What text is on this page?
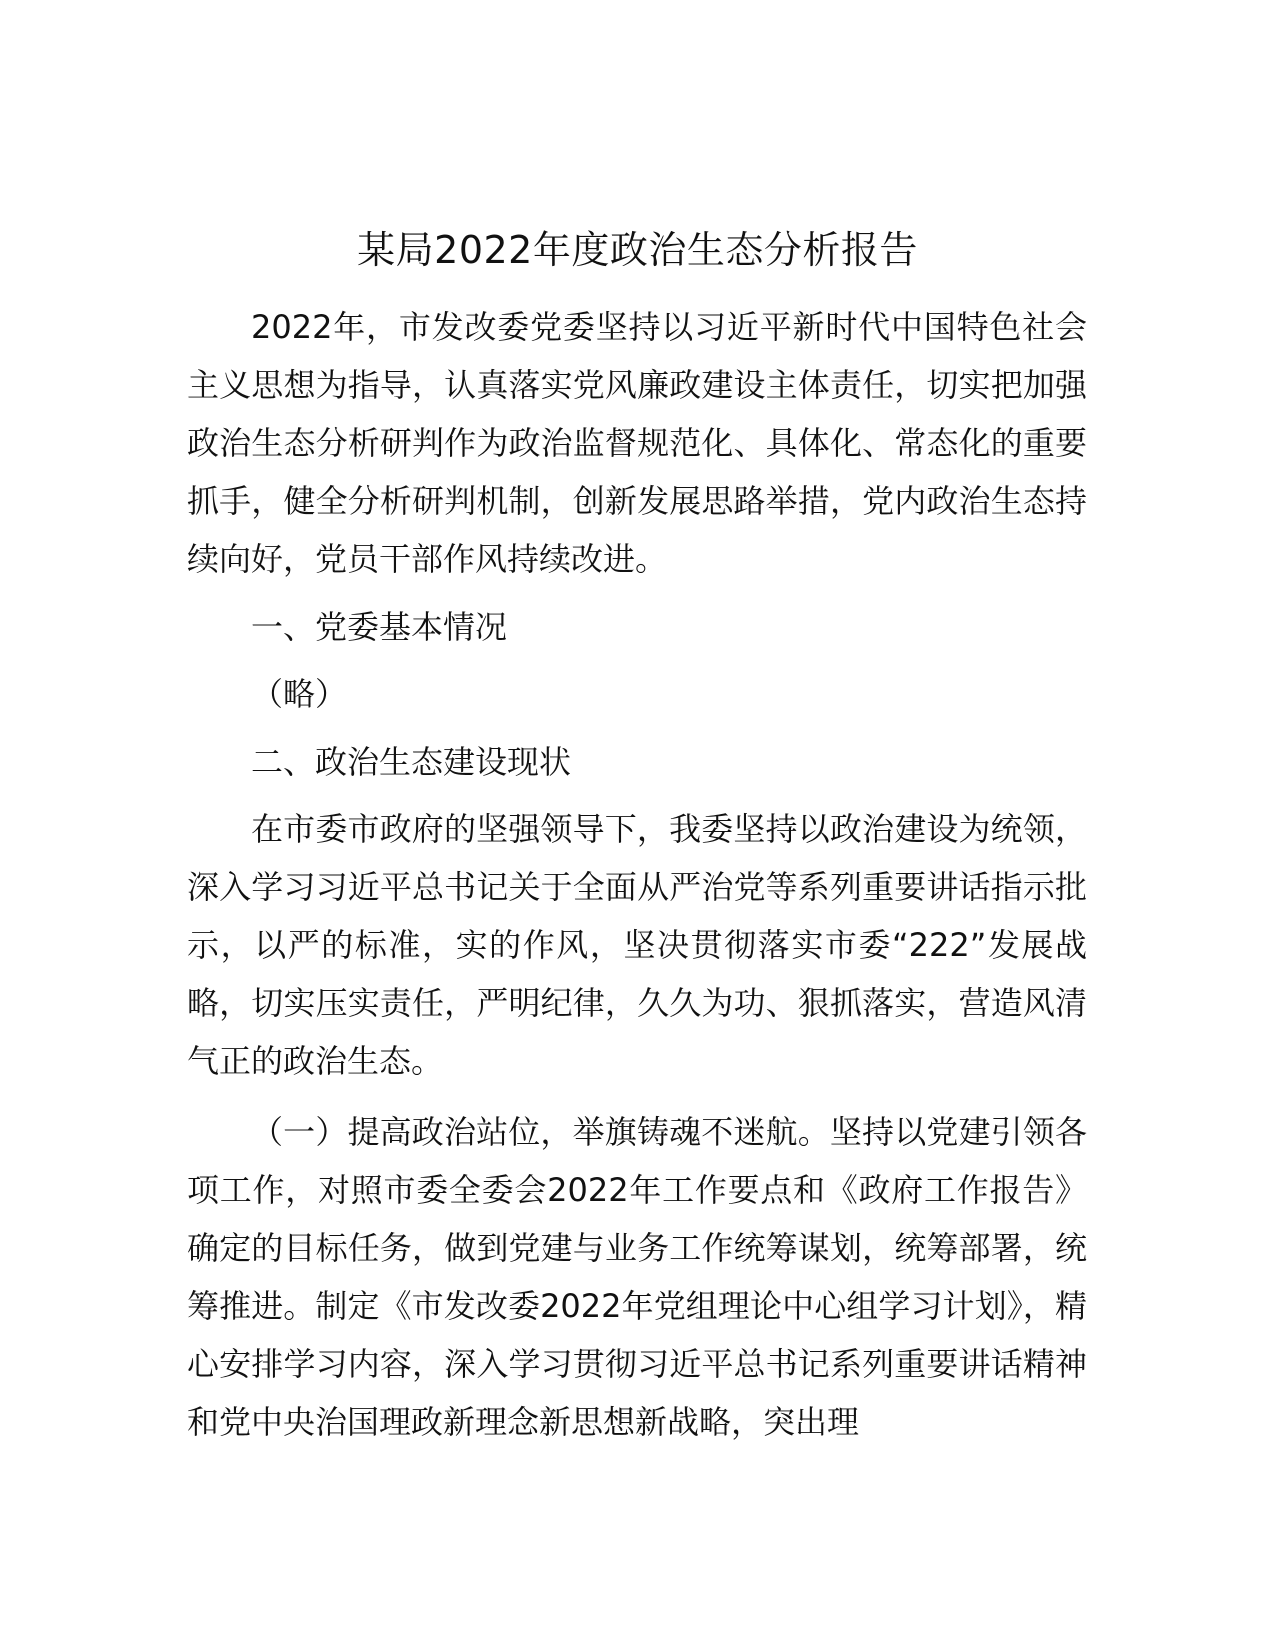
某局2022年度政治生态分析报告

2022年，市发改委党委坚持以习近平新时代中国特色社会主义思想为指导，认真落实党风廉政建设主体责任，切实把加强政治生态分析研判作为政治监督规范化、具体化、常态化的重要抓手，健全分析研判机制，创新发展思路举措，党内政治生态持续向好，党员干部作风持续改进。

一、党委基本情况

（略）

二、政治生态建设现状

在市委市政府的坚强领导下，我委坚持以政治建设为统领，深入学习习近平总书记关于全面从严治党等系列重要讲话指示批示，以严的标准，实的作风，坚决贯彻落实市委“222”发展战略，切实压实责任，严明纪律，久久为功、狠抓落实，营造风清气正的政治生态。

（一）提高政治站位，举旗铸魂不迷航。坚持以党建引领各项工作，对照市委全委会2022年工作要点和《政府工作报告》确定的目标任务，做到党建与业务工作统筹谋划，统筹部署，统筹推进。制定《市发改委2022年党组理论中心组学习计划》，精心安排学习内容，深入学习贯彻习近平总书记系列重要讲话精神和党中央治国理政新理念新思想新战略，突出理
